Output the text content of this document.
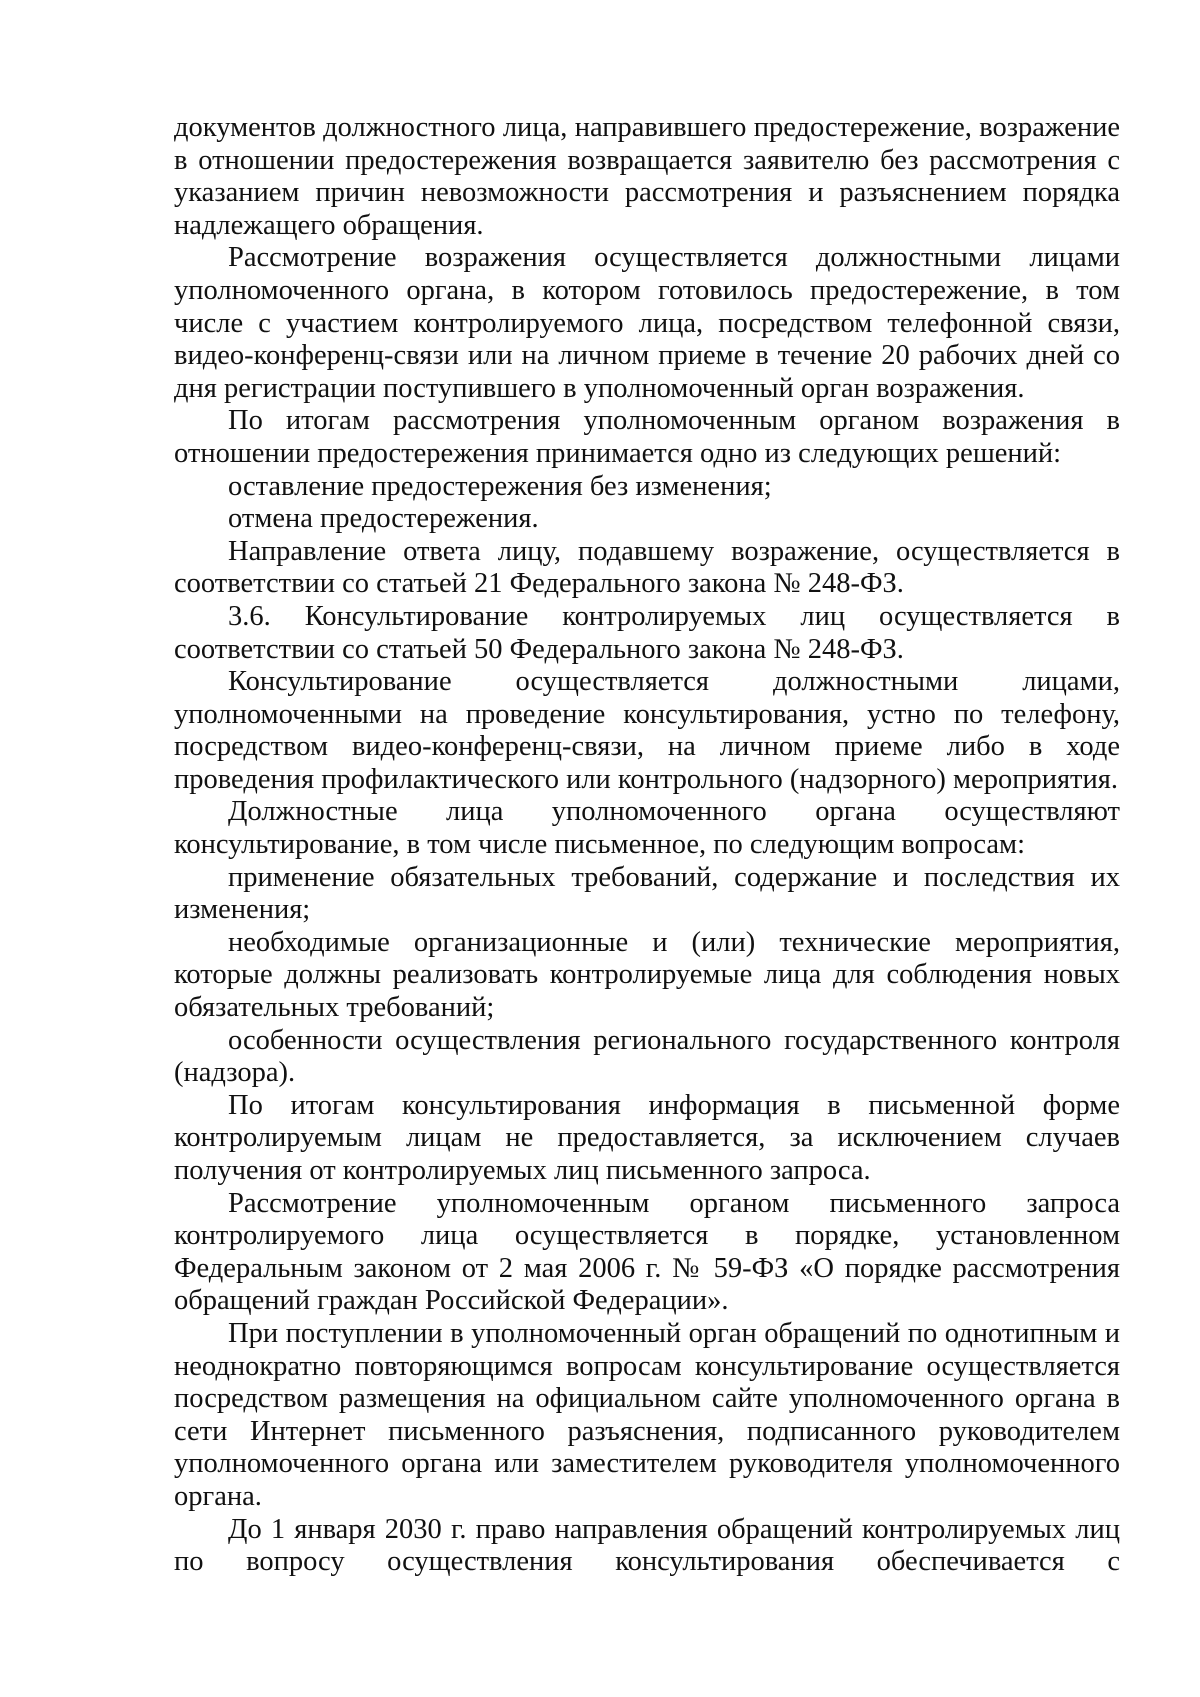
документов должностного лица, направившего предостережение, возражение в отношении предостережения возвращается заявителю без рассмотрения с указанием причин невозможности рассмотрения и разъяснением порядка надлежащего обращения.

Рассмотрение возражения осуществляется должностными лицами уполномоченного органа, в котором готовилось предостережение, в том числе с участием контролируемого лица, посредством телефонной связи, видео-конференц-связи или на личном приеме в течение 20 рабочих дней со дня регистрации поступившего в уполномоченный орган возражения.

По итогам рассмотрения уполномоченным органом возражения в отношении предостережения принимается одно из следующих решений:

оставление предостережения без изменения;

отмена предостережения.

Направление ответа лицу, подавшему возражение, осуществляется в соответствии со статьей 21 Федерального закона № 248-ФЗ.

3.6. Консультирование контролируемых лиц осуществляется в соответствии со статьей 50 Федерального закона № 248-ФЗ.

Консультирование осуществляется должностными лицами, уполномоченными на проведение консультирования, устно по телефону, посредством видео-конференц-связи, на личном приеме либо в ходе проведения профилактического или контрольного (надзорного) мероприятия.

Должностные лица уполномоченного органа осуществляют консультирование, в том числе письменное, по следующим вопросам:

применение обязательных требований, содержание и последствия их изменения;

необходимые организационные и (или) технические мероприятия, которые должны реализовать контролируемые лица для соблюдения новых обязательных требований;

особенности осуществления регионального государственного контроля (надзора).

По итогам консультирования информация в письменной форме контролируемым лицам не предоставляется, за исключением случаев получения от контролируемых лиц письменного запроса.

Рассмотрение уполномоченным органом письменного запроса контролируемого лица осуществляется в порядке, установленном Федеральным законом от 2 мая 2006 г. № 59-ФЗ «О порядке рассмотрения обращений граждан Российской Федерации».

При поступлении в уполномоченный орган обращений по однотипным и неоднократно повторяющимся вопросам консультирование осуществляется посредством размещения на официальном сайте уполномоченного органа в сети Интернет письменного разъяснения, подписанного руководителем уполномоченного органа или заместителем руководителя уполномоченного органа.

До 1 января 2030 г. право направления обращений контролируемых лиц по вопросу осуществления консультирования обеспечивается с
